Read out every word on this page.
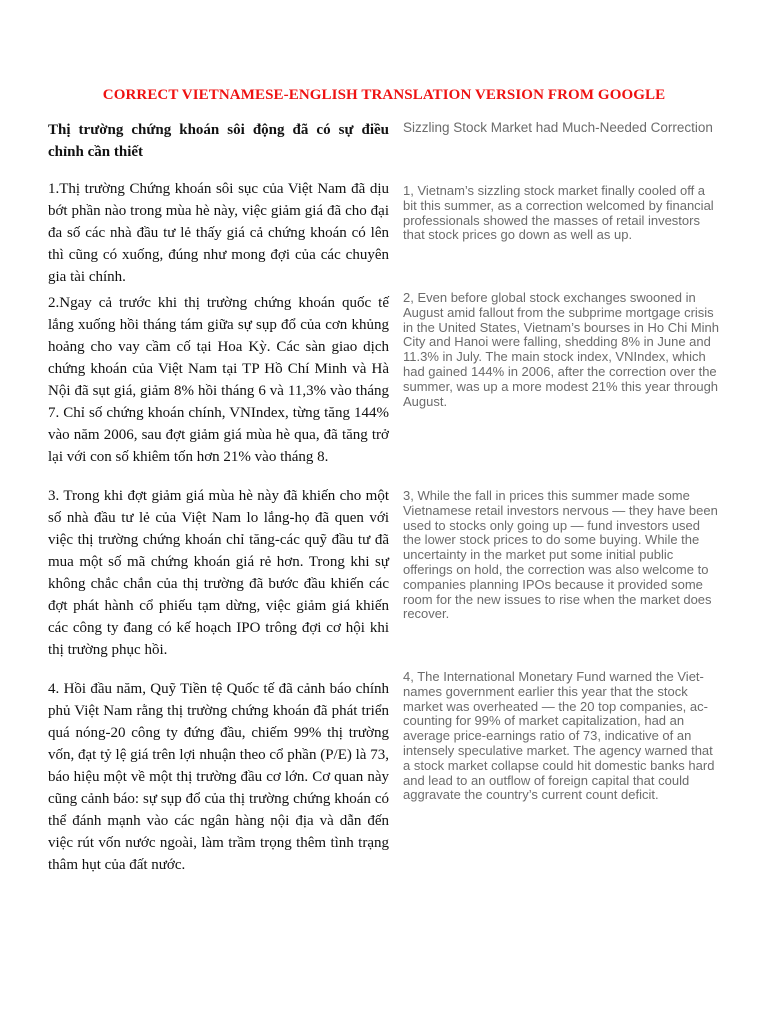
CORRECT VIETNAMESE-ENGLISH TRANSLATION VERSION FROM GOOGLE
Thị trường chứng khoán sôi động đã có sự điều chỉnh cần thiết
Sizzling Stock Market had Much-Needed Correction
1.Thị trường Chứng khoán sôi sục của Việt Nam đã dịu bớt phần nào trong mùa hè này, việc giảm giá đã cho đại đa số các nhà đầu tư lẻ thấy giá cả chứng khoán có lên thì cũng có xuống, đúng như mong đợi của các chuyên gia tài chính.
1, Vietnam’s sizzling stock market finally cooled off a bit this summer, as a correction welcomed by financial professionals showed the masses of retail investors that stock prices go down as well as up.
2.Ngay cả trước khi thị trường chứng khoán quốc tế lắng xuống hồi tháng tám giữa sự sụp đổ của cơn khủng hoảng cho vay cầm cố tại Hoa Kỳ. Các sàn giao dịch chứng khoán của Việt Nam tại TP Hồ Chí Minh và Hà Nội đã sụt giá, giảm 8% hồi tháng 6 và 11,3% vào tháng 7. Chỉ số chứng khoán chính, VNIndex, từng tăng 144% vào năm 2006, sau đợt giảm giá mùa hè qua, đã tăng trở lại với con số khiêm tốn hơn 21% vào tháng 8.
2, Even before global stock exchanges swooned in August amid fallout from the subprime mortgage crisis in the United States, Vietnam’s bourses in Ho Chi Minh City and Hanoi were falling, shedding 8% in June and 11.3% in July. The main stock index, VNIndex, which had gained 144% in 2006, after the correction over the summer, was up a more modest 21% this year through August.
3. Trong khi đợt giảm giá mùa hè này đã khiến cho một số nhà đầu tư lẻ của Việt Nam lo lắng-họ đã quen với việc thị trường chứng khoán chỉ tăng-các quỹ đầu tư đã mua một số mã chứng khoán giá rẻ hơn. Trong khi sự không chắc chắn của thị trường đã bước đầu khiến các đợt phát hành cổ phiếu tạm dừng, việc giảm giá khiến các công ty đang có kế hoạch IPO trông đợi cơ hội khi thị trường phục hồi.
3, While the fall in prices this summer made some Vietnamese retail investors nervous — they have been used to stocks only going up — fund investors used the lower stock prices to do some buying. While the uncertainty in the market put some initial public offerings on hold, the correction was also welcome to companies planning IPOs because it provided some room for the new issues to rise when the market does recover.
4. Hồi đầu năm, Quỹ Tiền tệ Quốc tế đã cảnh báo chính phủ Việt Nam rằng thị trường chứng khoán đã phát triển quá nóng-20 công ty đứng đầu, chiếm 99% thị trường vốn, đạt tỷ lệ giá trên lợi nhuận theo cổ phần (P/E) là 73, báo hiệu một về một thị trường đầu cơ lớn. Cơ quan này cũng cảnh báo: sự sụp đổ của thị trường chứng khoán có thể đánh mạnh vào các ngân hàng nội địa và dẫn đến việc rút vốn nước ngoài, làm trầm trọng thêm tình trạng thâm hụt của đất nước.
4, The International Monetary Fund warned the Viet- names government earlier this year that the stock market was overheated — the 20 top companies, ac- counting for 99% of market capitalization, had an average price-earnings ratio of 73, indicative of an intensely speculative market. The agency warned that a stock market collapse could hit domestic banks hard and lead to an outflow of foreign capital that could aggravate the country’s current count deficit.
